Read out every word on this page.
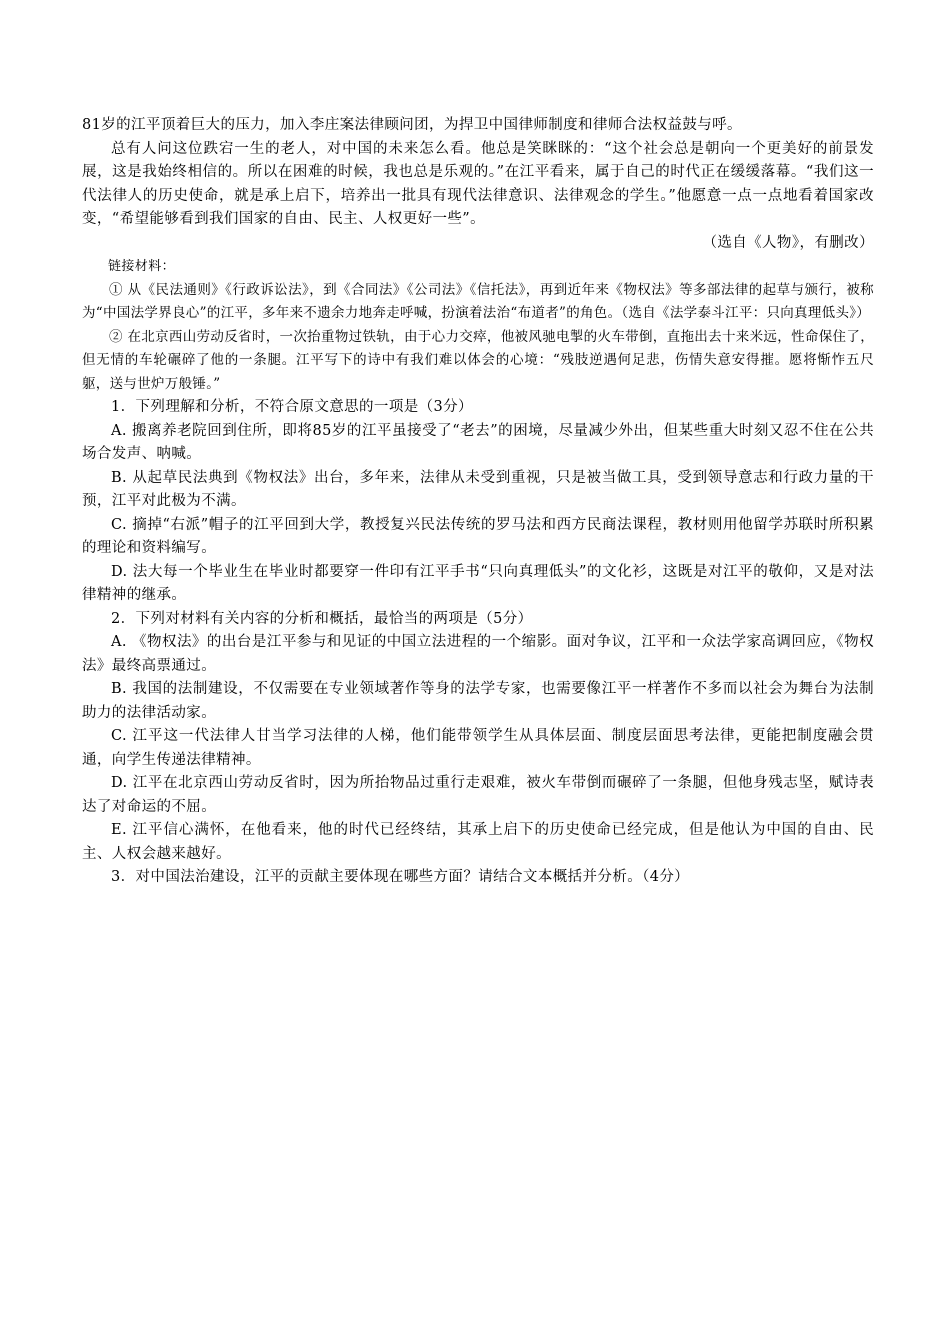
81岁的江平顶着巨大的压力，加入李庄案法律顾问团，为捍卫中国律师制度和律师合法权益鼓与呼。

总有人问这位跌宕一生的老人，对中国的未来怎么看。他总是笑眯眯的：“这个社会总是朝向一个更美好的前景发展，这是我始终相信的。所以在困难的时候，我也总是乐观的。”在江平看来，属于自己的时代正在缓缓落幕。“我们这一代法律人的历史使命，就是承上启下，培养出一批具有现代法律意识、法律观念的学生。”他愿意一点一点地看着国家改变，“希望能够看到我们国家的自由、民主、人权更好一些”。

（选自《人物》，有删改）

链接材料：

① 从《民法通则》《行政诉讼法》，到《合同法》《公司法》《信托法》，再到近年来《物权法》等多部法律的起草与颁行，被称为“中国法学界良心”的江平，多年来不遗余力地奔走呼喊，扮演着法治“布道者”的角色。（选自《法学泰斗江平：只向真理低头》）

② 在北京西山劳动反省时，一次抬重物过铁轨，由于心力交瘁，他被风驰电掣的火车带倒，直拖出去十来米远，性命保住了，但无情的车轮碾碎了他的一条腿。江平写下的诗中有我们难以体会的心境：“残肢逆遇何足悲，伤情失意安得摧。愿将惭怍五尺躯，送与世炉万般锤。”

1．下列理解和分析，不符合原文意思的一项是（3分）

A. 搬离养老院回到住所，即将85岁的江平虽接受了“老去”的困境，尽量减少外出，但某些重大时刻又忍不住在公共场合发声、呐喊。

B. 从起草民法典到《物权法》出台，多年来，法律从未受到重视，只是被当做工具，受到领导意志和行政力量的干预，江平对此极为不满。

C. 摘掉“右派”帽子的江平回到大学，教授复兴民法传统的罗马法和西方民商法课程，教材则用他留学苏联时所积累的理论和资料编写。

D. 法大每一个毕业生在毕业时都要穿一件印有江平手书“只向真理低头”的文化衫，这既是对江平的敬仰，又是对法律精神的继承。

2．下列对材料有关内容的分析和概括，最恰当的两项是（5分）

A. 《物权法》的出台是江平参与和见证的中国立法进程的一个缩影。面对争议，江平和一众法学家高调回应，《物权法》最终高票通过。

B. 我国的法制建设，不仅需要在专业领域著作等身的法学专家，也需要像江平一样著作不多而以社会为舞台为法制助力的法律活动家。

C. 江平这一代法律人甘当学习法律的人梯，他们能带领学生从具体层面、制度层面思考法律，更能把制度融会贯通，向学生传递法律精神。

D. 江平在北京西山劳动反省时，因为所抬物品过重行走艰难，被火车带倒而碾碎了一条腿，但他身残志坚，赋诗表达了对命运的不屈。

E. 江平信心满怀，在他看来，他的时代已经终结，其承上启下的历史使命已经完成，但是他认为中国的自由、民主、人权会越来越好。

3．对中国法治建设，江平的贡献主要体现在哪些方面？请结合文本概括并分析。（4分）
